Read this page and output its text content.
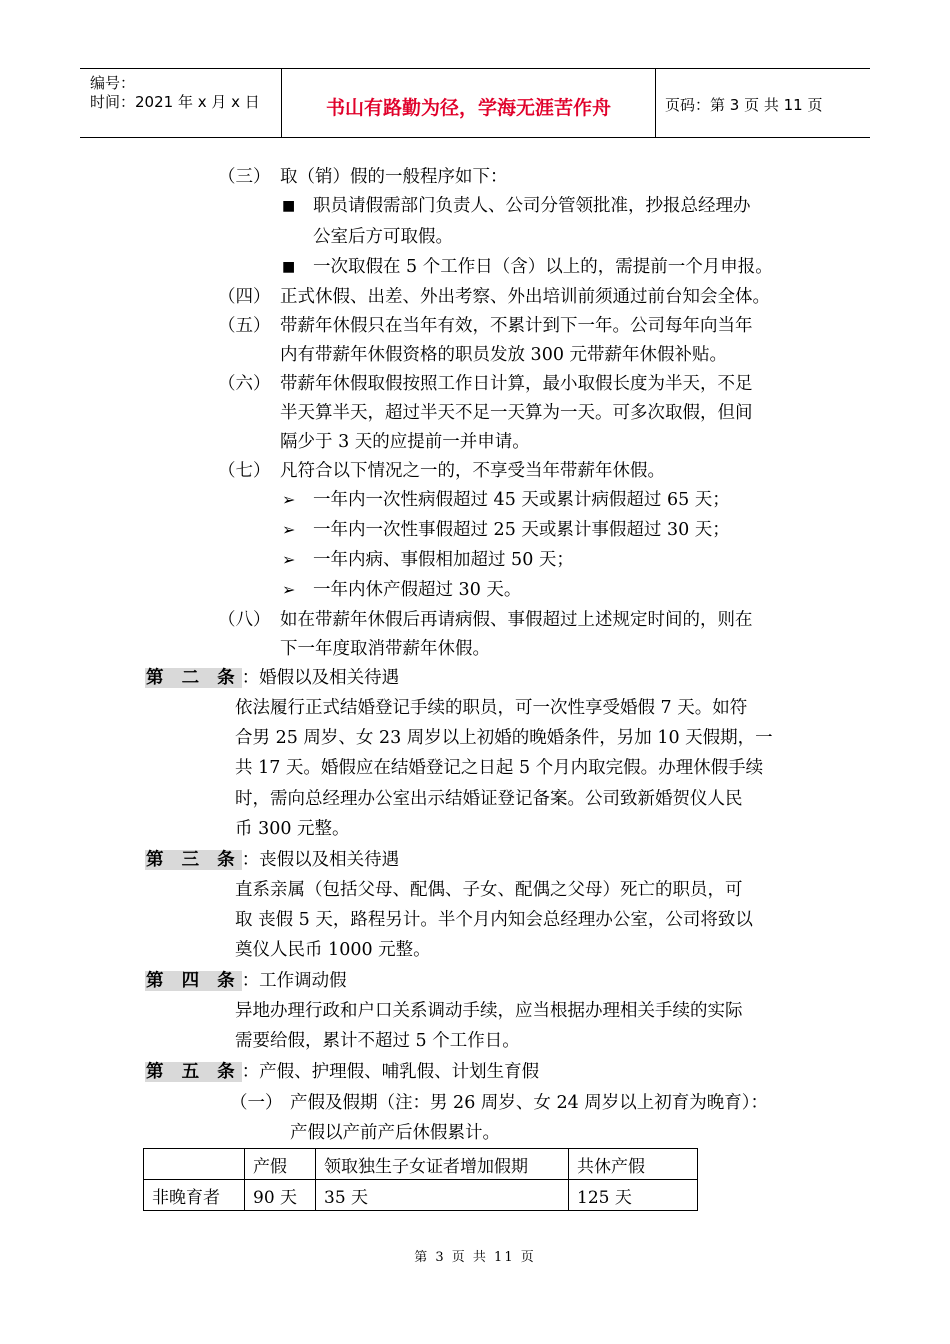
编号：
时间：2021 年 x 月 x 日	书山有路勤为径，学海无涯苦作舟	页码：第 3 页 共 11 页
（三） 取（销）假的一般程序如下：
■ 职员请假需部门负责人、公司分管领批准，抄报总经理办
公室后方可取假。
■ 一次取假在 5 个工作日（含）以上的，需提前一个月申报。
（四） 正式休假、出差、外出考察、外出培训前须通过前台知会全体。
（五） 带薪年休假只在当年有效，不累计到下一年。公司每年向当年
内有带薪年休假资格的职员发放 300 元带薪年休假补贴。
（六） 带薪年休假取假按照工作日计算，最小取假长度为半天，不足
半天算半天，超过半天不足一天算为一天。可多次取假，但间
隔少于 3 天的应提前一并申请。
（七） 凡符合以下情况之一的，不享受当年带薪年休假。
➢ 一年内一次性病假超过 45 天或累计病假超过 65 天；
➢ 一年内一次性事假超过 25 天或累计事假超过 30 天；
➢ 一年内病、事假相加超过 50 天；
➢ 一年内休产假超过 30 天。
（八） 如在带薪年休假后再请病假、事假超过上述规定时间的，则在
下一年度取消带薪年休假。
第 二 条：婚假以及相关待遇
依法履行正式结婚登记手续的职员，可一次性享受婚假 7 天。如符
合男 25 周岁、女 23 周岁以上初婚的晚婚条件，另加 10 天假期，一
共 17 天。婚假应在结婚登记之日起 5 个月内取完假。办理休假手续
时，需向总经理办公室出示结婚证登记备案。公司致新婚贺仪人民
币 300 元整。
第 三 条：丧假以及相关待遇
直系亲属（包括父母、配偶、子女、配偶之父母）死亡的职员，可
取 丧假 5 天，路程另计。半个月内知会总经理办公室，公司将致以
奠仪人民币 1000 元整。
第 四 条：工作调动假
异地办理行政和户口关系调动手续，应当根据办理相关手续的实际
需要给假，累计不超过 5 个工作日。
第 五 条：产假、护理假、哺乳假、计划生育假
（一） 产假及假期（注：男 26 周岁、女 24 周岁以上初育为晚育）：
产假以产前产后休假累计。
	产假	领取独生子女证者增加假期	共休产假
非晚育者	90 天	35 天	125 天
第 3 页 共 11 页
